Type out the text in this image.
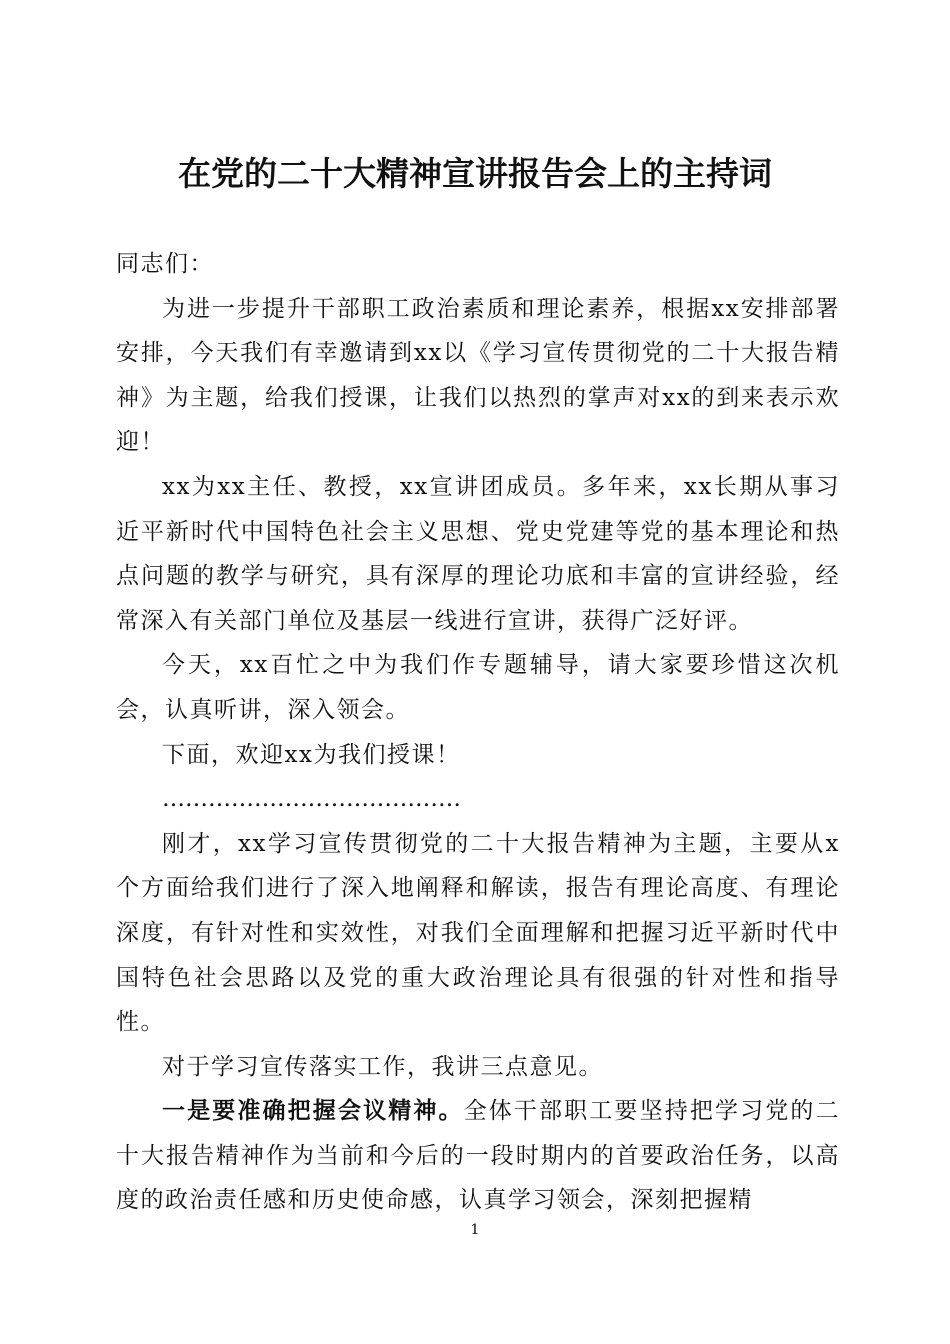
在党的二十大精神宣讲报告会上的主持词

同志们：

为进一步提升干部职工政治素质和理论素养，根据xx安排部署安排，今天我们有幸邀请到xx以《学习宣传贯彻党的二十大报告精神》为主题，给我们授课，让我们以热烈的掌声对xx的到来表示欢迎！

xx为xx主任、教授，xx宣讲团成员。多年来，xx长期从事习近平新时代中国特色社会主义思想、党史党建等党的基本理论和热点问题的教学与研究，具有深厚的理论功底和丰富的宣讲经验，经常深入有关部门单位及基层一线进行宣讲，获得广泛好评。

今天，xx百忙之中为我们作专题辅导，请大家要珍惜这次机会，认真听讲，深入领会。

下面，欢迎xx为我们授课！

…………………………………

刚才，xx学习宣传贯彻党的二十大报告精神为主题，主要从x个方面给我们进行了深入地阐释和解读，报告有理论高度、有理论深度，有针对性和实效性，对我们全面理解和把握习近平新时代中国特色社会思路以及党的重大政治理论具有很强的针对性和指导性。

对于学习宣传落实工作，我讲三点意见。

一是要准确把握会议精神。全体干部职工要坚持把学习党的二十大报告精神作为当前和今后的一段时期内的首要政治任务，以高度的政治责任感和历史使命感，认真学习领会，深刻把握精

1
